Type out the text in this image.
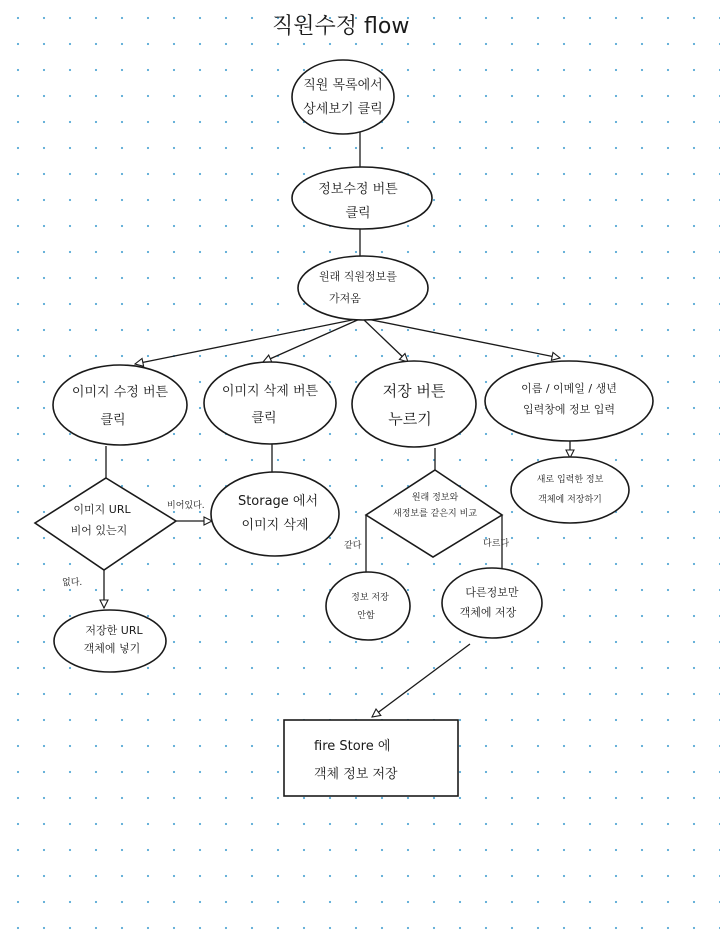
직원수정 flow
비어있다.
없다.
같다	다르다
직원 목록에서
상세보기 클릭
정보수정 버튼
클릭
원래 직원정보를
가져옴
이미지 수정 버튼
클릭
이미지 삭제 버튼
클릭
저장 버튼
누르기
이름 / 이메일 / 생년
입력창에 정보 입력
새로 입력한 정보
객체에 저장하기
이미지 URL
비어 있는지
Storage 에서
이미지 삭제
원래 정보와
새정보를 같은지 비교
저장한 URL
객체에 넣기
정보 저장
안함
다른정보만
객체에 저장
fire Store 에
객체 정보 저장
